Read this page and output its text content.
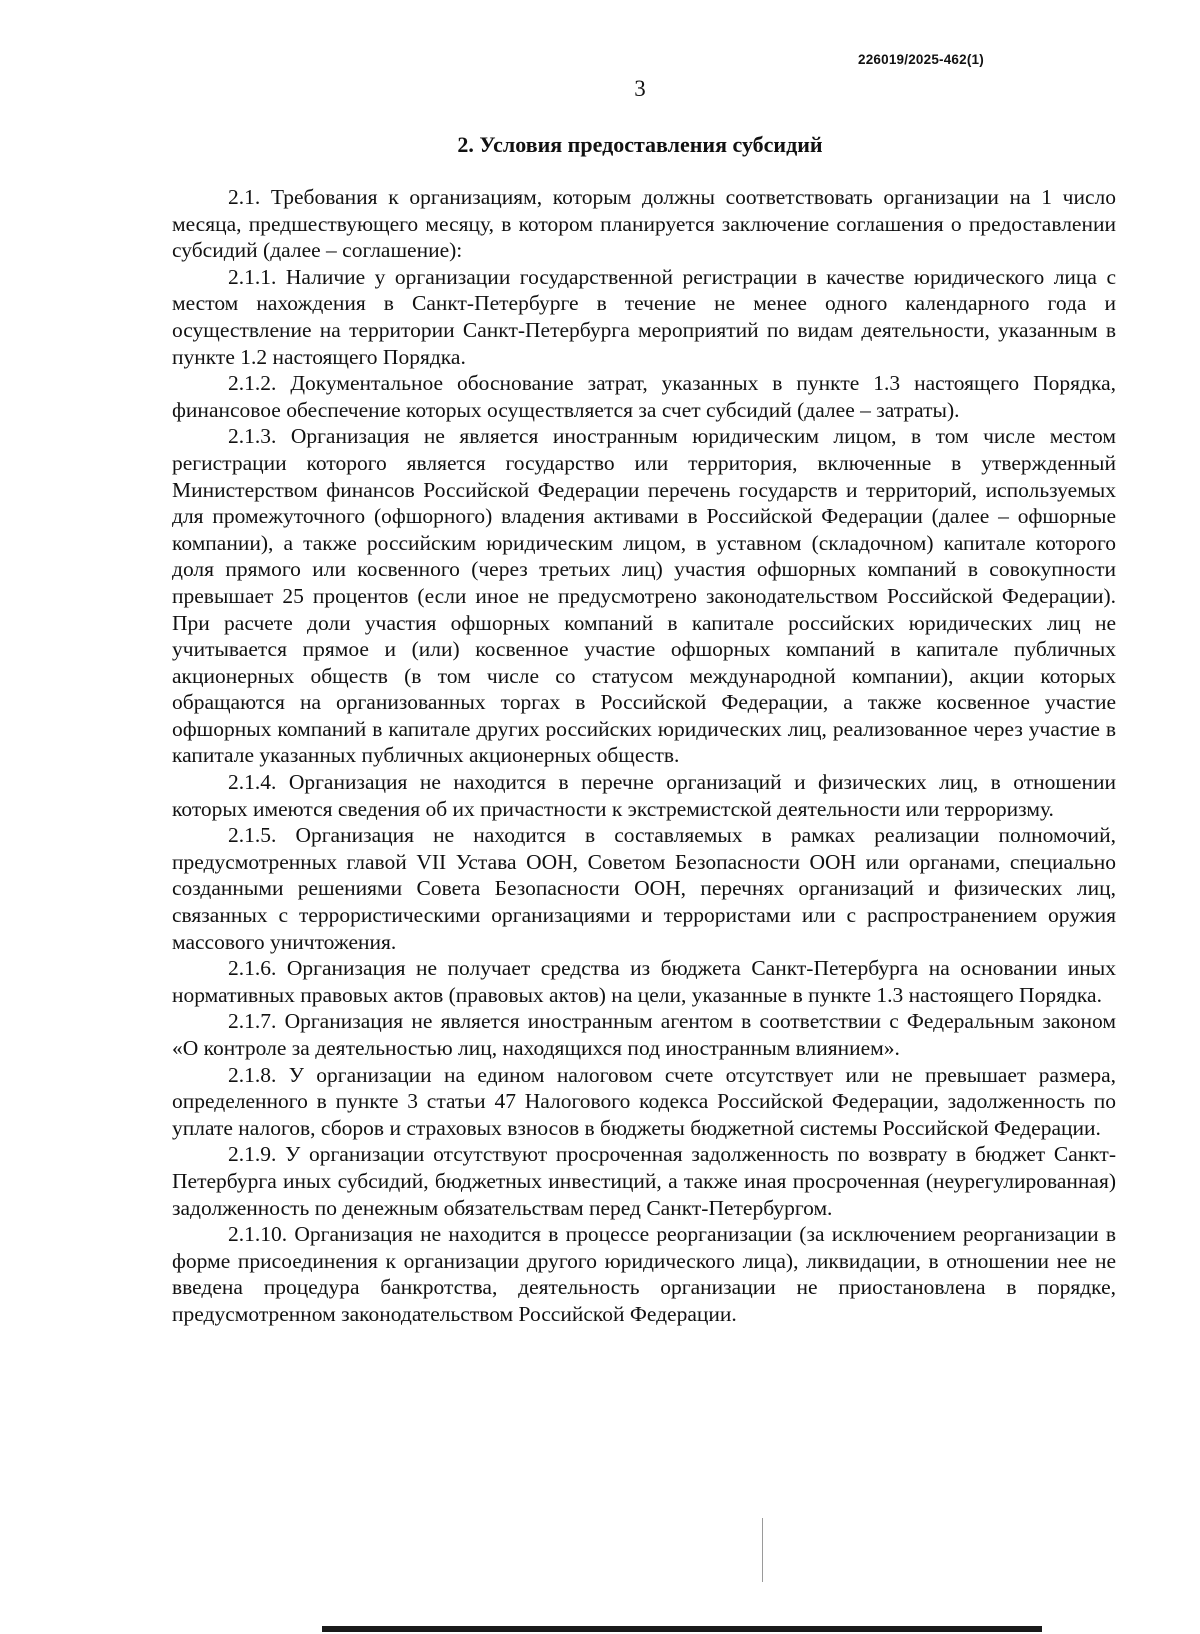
226019/2025-462(1)
3
2. Условия предоставления субсидий

2.1. Требования к организациям, которым должны соответствовать организации на 1 число месяца, предшествующего месяцу, в котором планируется заключение соглашения о предоставлении субсидий (далее – соглашение):

2.1.1. Наличие у организации государственной регистрации в качестве юридического лица с местом нахождения в Санкт-Петербурге в течение не менее одного календарного года и осуществление на территории Санкт-Петербурга мероприятий по видам деятельности, указанным в пункте 1.2 настоящего Порядка.

2.1.2. Документальное обоснование затрат, указанных в пункте 1.3 настоящего Порядка, финансовое обеспечение которых осуществляется за счет субсидий (далее – затраты).

2.1.3. Организация не является иностранным юридическим лицом, в том числе местом регистрации которого является государство или территория, включенные в утвержденный Министерством финансов Российской Федерации перечень государств и территорий, используемых для промежуточного (офшорного) владения активами в Российской Федерации (далее – офшорные компании), а также российским юридическим лицом, в уставном (складочном) капитале которого доля прямого или косвенного (через третьих лиц) участия офшорных компаний в совокупности превышает 25 процентов (если иное не предусмотрено законодательством Российской Федерации). При расчете доли участия офшорных компаний в капитале российских юридических лиц не учитывается прямое и (или) косвенное участие офшорных компаний в капитале публичных акционерных обществ (в том числе со статусом международной компании), акции которых обращаются на организованных торгах в Российской Федерации, а также косвенное участие офшорных компаний в капитале других российских юридических лиц, реализованное через участие в капитале указанных публичных акционерных обществ.

2.1.4. Организация не находится в перечне организаций и физических лиц, в отношении которых имеются сведения об их причастности к экстремистской деятельности или терроризму.

2.1.5. Организация не находится в составляемых в рамках реализации полномочий, предусмотренных главой VII Устава ООН, Советом Безопасности ООН или органами, специально созданными решениями Совета Безопасности ООН, перечнях организаций и физических лиц, связанных с террористическими организациями и террористами или с распространением оружия массового уничтожения.

2.1.6. Организация не получает средства из бюджета Санкт-Петербурга на основании иных нормативных правовых актов (правовых актов) на цели, указанные в пункте 1.3 настоящего Порядка.

2.1.7. Организация не является иностранным агентом в соответствии с Федеральным законом «О контроле за деятельностью лиц, находящихся под иностранным влиянием».

2.1.8. У организации на едином налоговом счете отсутствует или не превышает размера, определенного в пункте 3 статьи 47 Налогового кодекса Российской Федерации, задолженность по уплате налогов, сборов и страховых взносов в бюджеты бюджетной системы Российской Федерации.

2.1.9. У организации отсутствуют просроченная задолженность по возврату в бюджет Санкт-Петербурга иных субсидий, бюджетных инвестиций, а также иная просроченная (неурегулированная) задолженность по денежным обязательствам перед Санкт-Петербургом.

2.1.10. Организация не находится в процессе реорганизации (за исключением реорганизации в форме присоединения к организации другого юридического лица), ликвидации, в отношении нее не введена процедура банкротства, деятельность организации не приостановлена в порядке, предусмотренном законодательством Российской Федерации.
